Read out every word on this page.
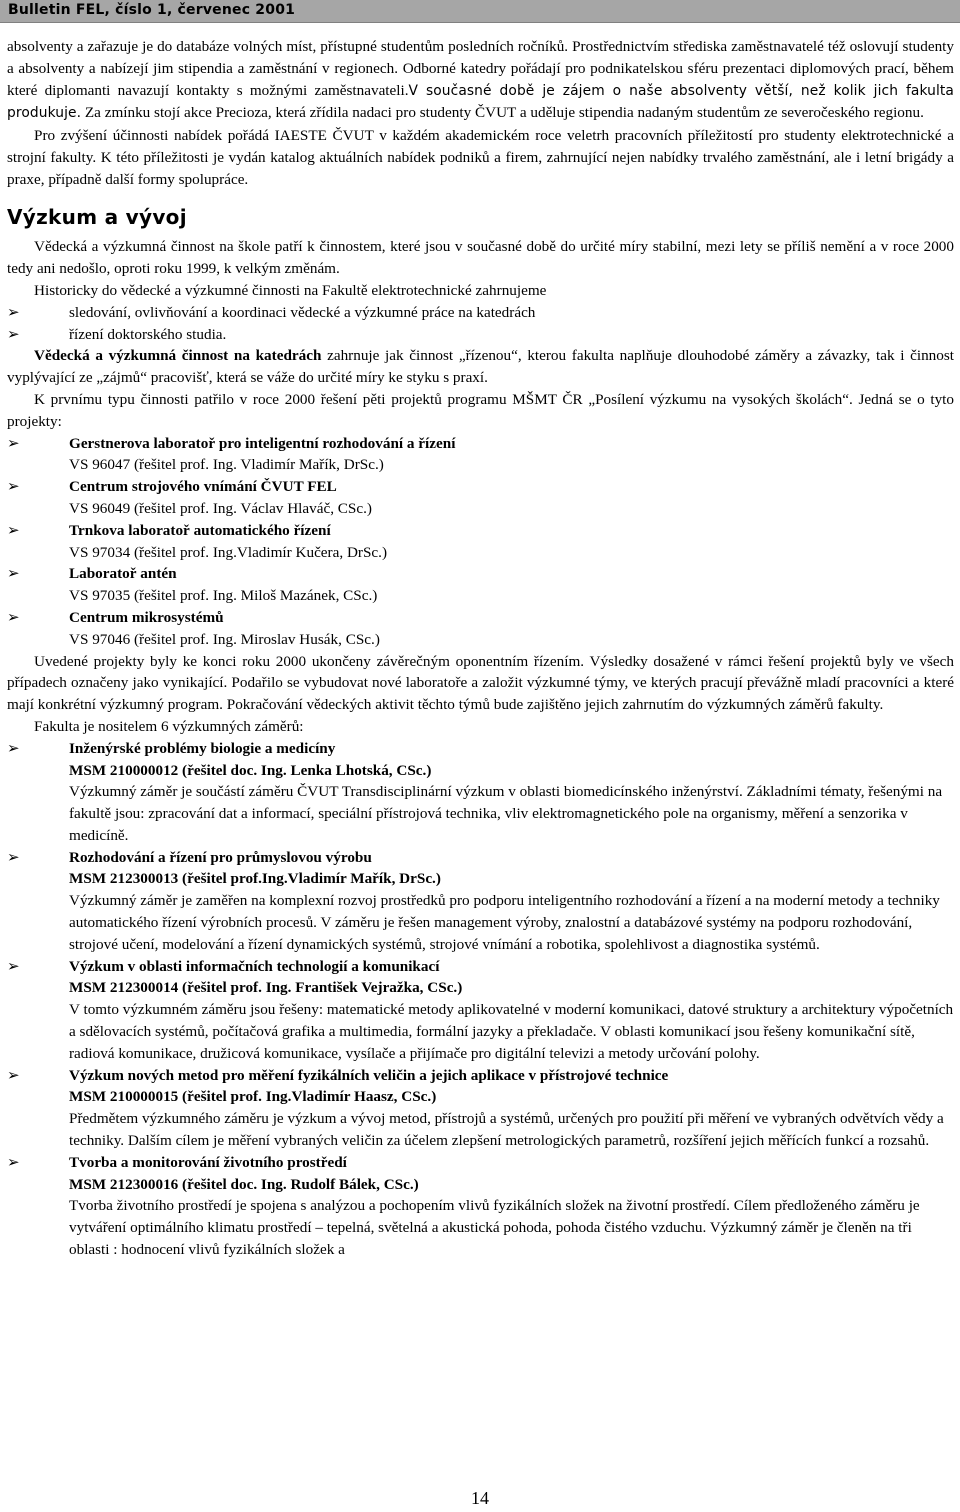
Bulletin FEL, číslo 1, červenec 2001

absolventy a zařazuje je do databáze volných míst, přístupné studentům posledních ročníků. Prostřednictvím střediska zaměstnavatelé též oslovují studenty a absolventy a nabízejí jim stipendia a zaměstnání v regionech. Odborné katedry pořádají pro podnikatelskou sféru prezentaci diplomových prací, během které diplomanti navazují kontakty s možnými zaměstnavateli.V současné době je zájem o naše absolventy větší, než kolik jich fakulta produkuje. Za zmínku stojí akce Precioza, která zřídila nadaci pro studenty ČVUT a uděluje stipendia nadaným studentům ze severočeského regionu.

Pro zvýšení účinnosti nabídek pořádá IAESTE ČVUT v každém akademickém roce veletrh pracovních příležitostí pro studenty elektrotechnické a strojní fakulty. K této příležitosti je vydán katalog aktuálních nabídek podniků a firem, zahrnující nejen nabídky trvalého zaměstnání, ale i letní brigády a praxe, případně další formy spolupráce.

Výzkum a vývoj

Vědecká a výzkumná činnost na škole patří k činnostem, které jsou v současné době do určité míry stabilní, mezi lety se příliš nemění a v roce 2000 tedy ani nedošlo, oproti roku 1999, k velkým změnám.

Historicky do vědecké a výzkumné činnosti na Fakultě elektrotechnické zahrnujeme

➢	sledování, ovlivňování a koordinaci vědecké a výzkumné práce na katedrách
➢	řízení doktorského studia.

Vědecká a výzkumná činnost na katedrách zahrnuje jak činnost „řízenou“, kterou fakulta naplňuje dlouhodobé záměry a závazky, tak i činnost vyplývající ze „zájmů“ pracovišť, která se váže do určité míry ke styku s praxí.

K prvnímu typu činnosti patřilo v roce 2000 řešení pěti projektů programu MŠMT ČR „Posílení výzkumu na vysokých školách“. Jedná se o tyto projekty:

➢	Gerstnerova laboratoř pro inteligentní rozhodování a řízení
VS 96047 (řešitel prof. Ing. Vladimír Mařík, DrSc.)
➢	Centrum strojového vnímání ČVUT FEL
VS 96049 (řešitel prof. Ing. Václav Hlaváč, CSc.)
➢	Trnkova laboratoř automatického řízení
VS 97034 (řešitel prof. Ing.Vladimír Kučera, DrSc.)
➢	Laboratoř antén
VS 97035 (řešitel prof. Ing. Miloš Mazánek, CSc.)
➢	Centrum mikrosystémů
VS 97046 (řešitel prof. Ing. Miroslav Husák, CSc.)

Uvedené projekty byly ke konci roku 2000 ukončeny závěrečným oponentním řízením. Výsledky dosažené v rámci řešení projektů byly ve všech případech označeny jako vynikající. Podařilo se vybudovat nové laboratoře a založit výzkumné týmy, ve kterých pracují převážně mladí pracovníci a které mají konkrétní výzkumný program. Pokračování vědeckých aktivit těchto týmů bude zajištěno jejich zahrnutím do výzkumných záměrů fakulty.

Fakulta je nositelem 6 výzkumných záměrů:

➢	Inženýrské problémy biologie a medicíny
MSM 210000012 (řešitel doc. Ing. Lenka Lhotská, CSc.)
Výzkumný záměr je součástí záměru ČVUT Transdisciplinární výzkum v oblasti biomedicínského inženýrství. Základními tématy, řešenými na fakultě jsou: zpracování dat a informací, speciální přístrojová technika, vliv elektromagnetického pole na organismy, měření a senzorika v medicíně.
➢	Rozhodování a řízení pro průmyslovou výrobu
MSM 212300013 (řešitel prof.Ing.Vladimír Mařík, DrSc.)
Výzkumný záměr je zaměřen na komplexní rozvoj prostředků pro podporu inteligentního rozhodování a řízení a na moderní metody a techniky automatického řízení výrobních procesů. V záměru je řešen management výroby, znalostní a databázové systémy na podporu rozhodování, strojové učení, modelování a řízení dynamických systémů, strojové vnímání a robotika, spolehlivost a diagnostika systémů.
➢	Výzkum v oblasti informačních technologií a komunikací
MSM 212300014 (řešitel prof. Ing. František Vejražka, CSc.)
V tomto výzkumném záměru jsou řešeny: matematické metody aplikovatelné v moderní komunikaci, datové struktury a architektury výpočetních a sdělovacích systémů, počítačová grafika a multimedia, formální jazyky a překladače. V oblasti komunikací jsou řešeny komunikační sítě, radiová komunikace, družicová komunikace, vysílače a přijímače pro digitální televizi a metody určování polohy.
➢	Výzkum nových metod pro měření fyzikálních veličin a jejich aplikace v přístrojové technice
MSM 210000015 (řešitel prof. Ing.Vladimír Haasz, CSc.)
Předmětem výzkumného záměru je výzkum a vývoj metod, přístrojů a systémů, určených pro použití při měření ve vybraných odvětvích vědy a techniky. Dalším cílem je měření vybraných veličin za účelem zlepšení metrologických parametrů, rozšíření jejich měřících funkcí a rozsahů.
➢	Tvorba a monitorování životního prostředí
MSM 212300016 (řešitel doc. Ing. Rudolf Bálek, CSc.)
Tvorba životního prostředí je spojena s analýzou a pochopením vlivů fyzikálních složek na životní prostředí. Cílem předloženého záměru je vytváření optimálního klimatu prostředí – tepelná, světelná a akustická pohoda, pohoda čistého vzduchu. Výzkumný záměr je členěn na tři oblasti : hodnocení vlivů fyzikálních složek a
14
